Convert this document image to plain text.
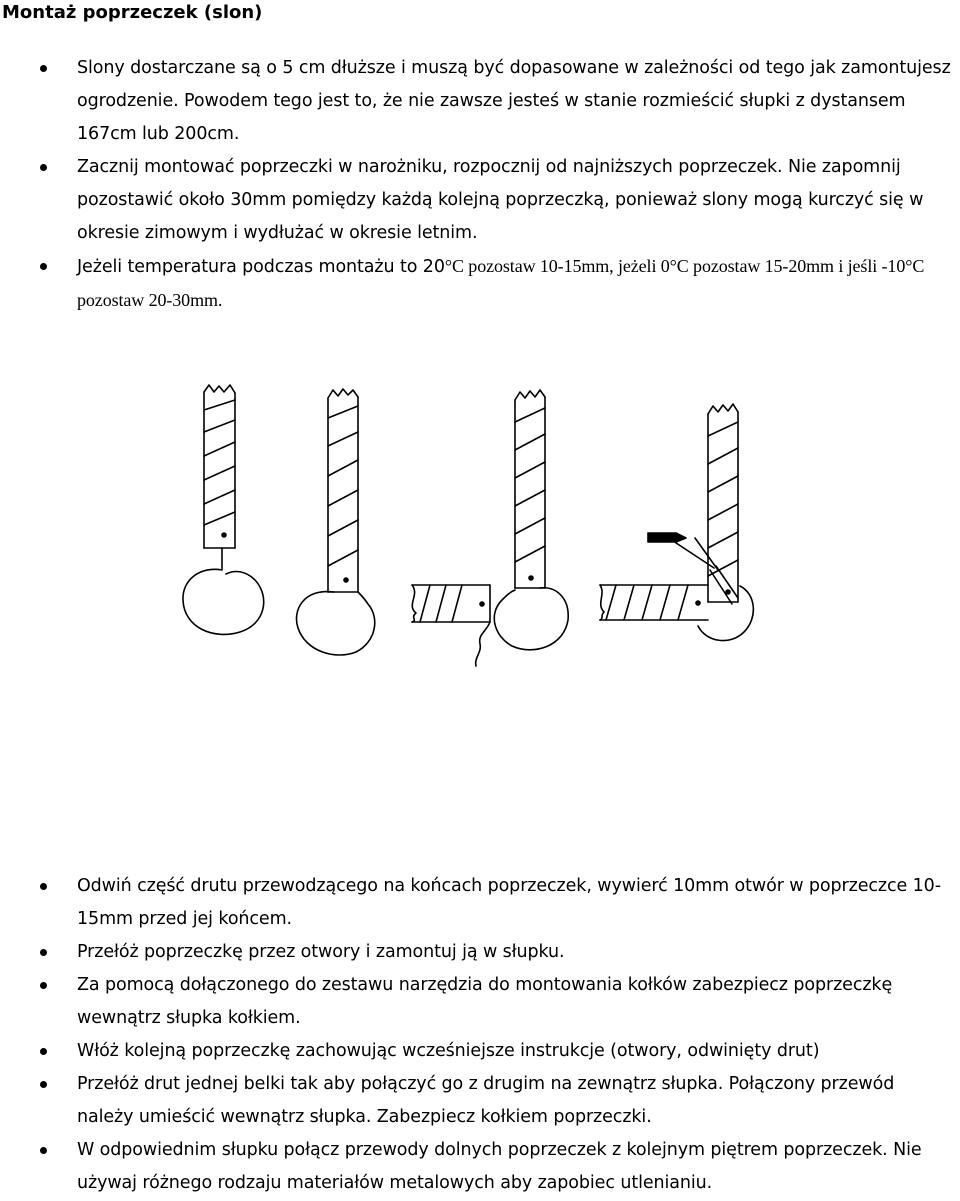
Montaż poprzeczek (slon)
Slony dostarczane są o 5 cm dłuższe i muszą być dopasowane w zależności od tego jak zamontujesz ogrodzenie. Powodem tego jest to, że nie zawsze jesteś w stanie rozmieścić słupki z dystansem 167cm lub 200cm.
Zacznij montować poprzeczki w narożniku, rozpocznij od najniższych poprzeczek. Nie zapomnij pozostawić około 30mm pomiędzy każdą kolejną poprzeczką, ponieważ slony mogą kurczyć się w okresie zimowym i wydłużać w okresie letnim.
Jeżeli temperatura podczas montażu to 20°C pozostaw 10-15mm, jeżeli 0°C pozostaw 15-20mm i jeśli -10°C pozostaw 20-30mm.
Odwiń część drutu przewodzącego na końcach poprzeczek, wywierć 10mm otwór w poprzeczce 10-15mm przed jej końcem.
Przełóż poprzeczkę przez otwory i zamontuj ją w słupku.
Za pomocą dołączonego do zestawu narzędzia do montowania kołków zabezpiecz poprzeczkę wewnątrz słupka kołkiem.
Włóż kolejną poprzeczkę zachowując wcześniejsze instrukcje (otwory, odwinięty drut)
Przełóż drut jednej belki tak aby połączyć go z drugim na zewnątrz słupka. Połączony przewód należy umieścić wewnątrz słupka. Zabezpiecz kołkiem poprzeczki.
W odpowiednim słupku połącz przewody dolnych poprzeczek z kolejnym piętrem poprzeczek. Nie używaj różnego rodzaju materiałów metalowych aby zapobiec utlenianiu.
